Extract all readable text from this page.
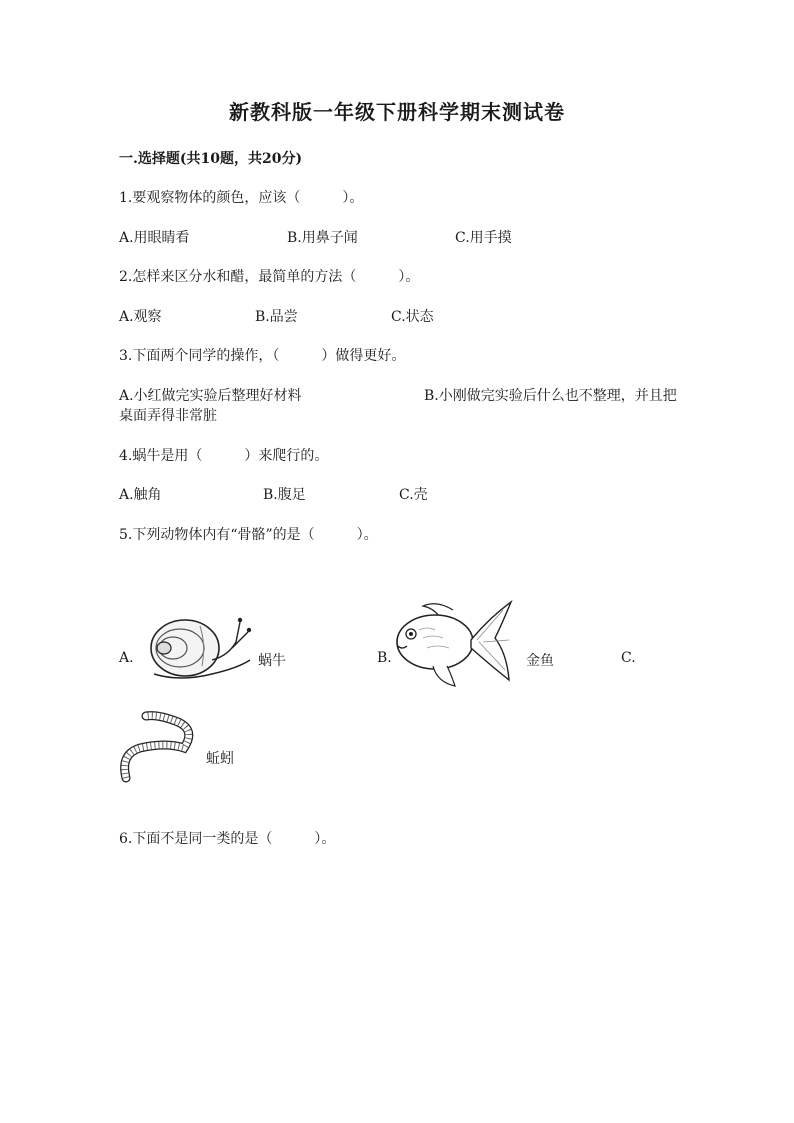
新教科版一年级下册科学期末测试卷
一.选择题(共10题，共20分)
1.要观察物体的颜色，应该（　　　）。
A.用眼睛看	B.用鼻子闻	C.用手摸
2.怎样来区分水和醋，最简单的方法（　　　）。
A.观察	B.品尝	C.状态
3.下面两个同学的操作，（　　　）做得更好。
A.小红做完实验后整理好材料	B.小刚做完实验后什么也不整理，并且把桌面弄得非常脏
4.蜗牛是用（　　　）来爬行的。
A.触角	B.腹足	C.壳
5.下列动物体内有“骨骼”的是（　　　）。
A.	蜗牛	B.	金鱼	C.
蚯蚓
6.下面不是同一类的是（　　　）。
